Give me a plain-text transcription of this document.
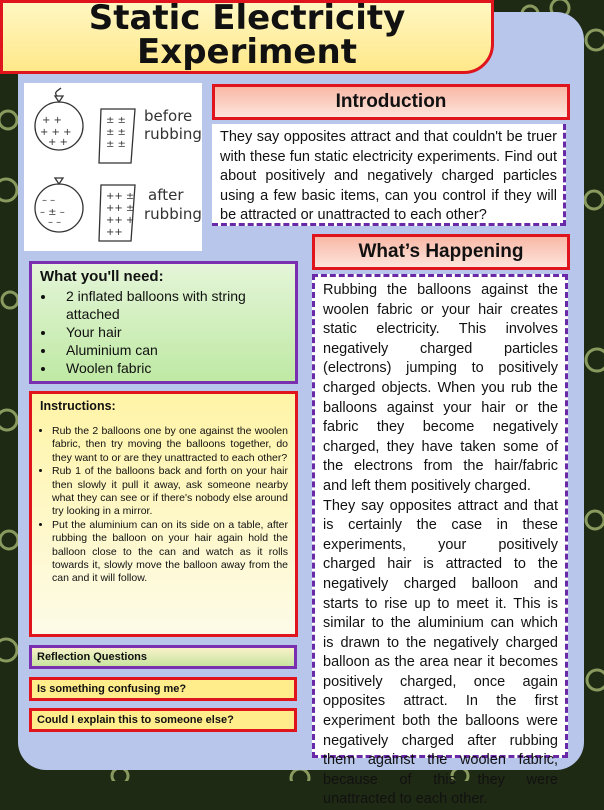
Static Electricity
Experiment
+ +
+ + +
+ +
± ±
± ±
± ±
– –
– ± –
– –
++ ±
++ ±
++ +
++
before
rubbing
after
rubbing
Introduction
They say opposites attract and that couldn't be truer with these fun static electricity experiments. Find out about positively and negatively charged particles using a few basic items, can you control if they will be attracted or unattracted to each other?
What’s Happening

Rubbing the balloons against the woolen fabric or your hair creates static electricity. This involves negatively charged particles (electrons) jumping to positively charged objects. When you rub the balloons against your hair or the fabric they become negatively charged, they have taken some of the electrons from the hair/fabric and left them positively charged.

They say opposites attract and that is certainly the case in these experiments, your positively charged hair is attracted to the negatively charged balloon and starts to rise up to meet it. This is similar to the aluminium can which is drawn to the negatively charged balloon as the area near it becomes positively charged, once again opposites attract. In the first experiment both the balloons were negatively charged after rubbing them against the woolen fabric, because of this they were unattracted to each other.

What you'll need:
• 2 inflated balloons with string attached
• Your hair
• Aluminium can
• Woolen fabric
Instructions:
• Rub the 2 balloons one by one against the woolen fabric, then try moving the balloons together, do they want to or are they unattracted to each other?
• Rub 1 of the balloons back and forth on your hair then slowly it pull it away, ask someone nearby what they can see or if there's nobody else around try looking in a mirror.
• Put the aluminium can on its side on a table, after rubbing the balloon on your hair again hold the balloon close to the can and watch as it rolls towards it, slowly move the balloon away from the can and it will follow.
Reflection Questions
Is something confusing me?
Could I explain this to someone else?
